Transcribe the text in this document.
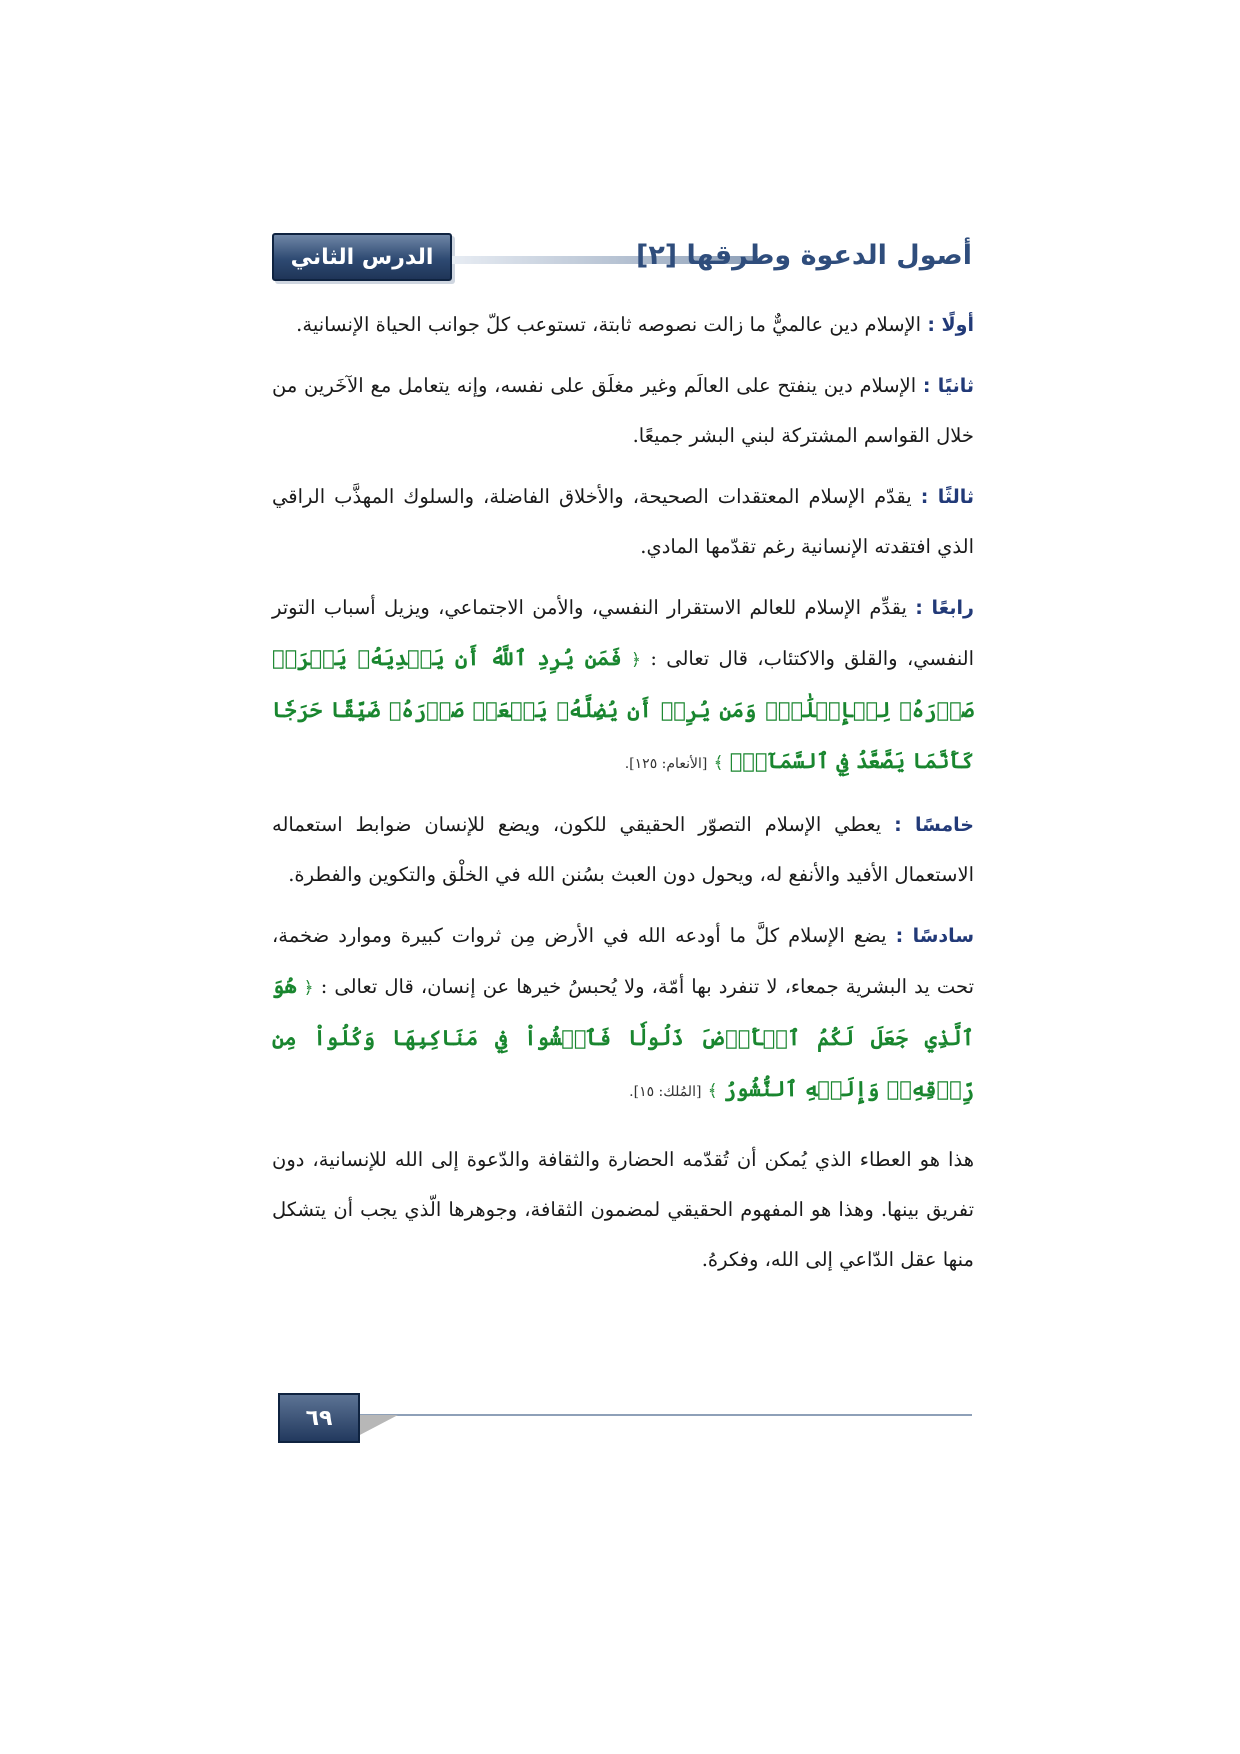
الدرس الثاني	أصول الدعوة وطرقها [٢]

أولًا : الإسلام دين عالميٌّ ما زالت نصوصه ثابتة، تستوعب كلّ جوانب الحياة الإنسانية.

ثانيًا : الإسلام دين ينفتح على العالَم وغير مغلَق على نفسه، وإنه يتعامل مع الآخَرين من خلال القواسم المشتركة لبني البشر جميعًا.

ثالثًا : يقدّم الإسلام المعتقدات الصحيحة، والأخلاق الفاضلة، والسلوك المهذَّب الراقي الذي افتقدته الإنسانية رغم تقدّمها المادي.

رابعًا : يقدِّم الإسلام للعالم الاستقرار النفسي، والأمن الاجتماعي، ويزيل أسباب التوتر النفسي، والقلق والاكتئاب، قال تعالى : ﴿ فَمَن يُرِدِ ٱللَّهُ أَن يَهۡدِيَهُۥ يَشۡرَحۡ صَدۡرَهُۥ لِلۡإِسۡلَٰمِۖ وَمَن يُرِدۡ أَن يُضِلَّهُۥ يَجۡعَلۡ صَدۡرَهُۥ ضَيِّقًا حَرَجٗا كَأَنَّمَا يَصَّعَّدُ فِي ٱلسَّمَآءِۚ ﴾ [الأنعام: ١٢٥].

خامسًا : يعطي الإسلام التصوّر الحقيقي للكون، ويضع للإنسان ضوابط استعماله الاستعمال الأفيد والأنفع له، ويحول دون العبث بسُنن الله في الخلْق والتكوين والفطرة.

سادسًا : يضع الإسلام كلَّ ما أودعه الله في الأرض مِن ثروات كبيرة وموارد ضخمة، تحت يد البشرية جمعاء، لا تنفرد بها أمّة، ولا يُحبسُ خيرها عن إنسان، قال تعالى : ﴿ هُوَ ٱلَّذِي جَعَلَ لَكُمُ ٱلۡأَرۡضَ ذَلُولٗا فَٱمۡشُواْ فِي مَنَاكِبِهَا وَكُلُواْ مِن رِّزۡقِهِۦۖ وَإِلَيۡهِ ٱلنُّشُورُ ﴾ [المُلك: ١٥].

هذا هو العطاء الذي يُمكن أن تُقدّمه الحضارة والثقافة والدّعوة إلى الله للإنسانية، دون تفريق بينها. وهذا هو المفهوم الحقيقي لمضمون الثقافة، وجوهرها الّذي يجب أن يتشكل منها عقل الدّاعي إلى الله، وفكرهُ.

٦٩
